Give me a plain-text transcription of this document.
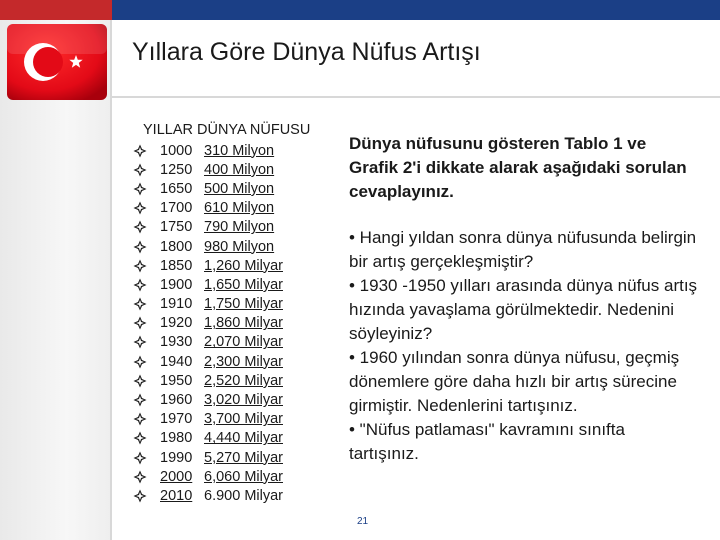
Yıllara Göre Dünya Nüfus Artışı
YILLAR DÜNYA NÜFUSU
1000 310 Milyon
1250 400 Milyon
1650 500 Milyon
1700 610 Milyon
1750 790 Milyon
1800 980 Milyon
1850 1,260 Milyar
1900 1,650 Milyar
1910 1,750 Milyar
1920 1,860 Milyar
1930 2,070 Milyar
1940 2,300 Milyar
1950 2,520 Milyar
1960 3,020 Milyar
1970 3,700 Milyar
1980 4,440 Milyar
1990 5,270 Milyar
2000 6,060 Milyar
2010 6.900 Milyar

Dünya nüfusunu gösteren Tablo 1 ve Grafik 2'i dikkate alarak aşağıdaki sorulan cevaplayınız.

• Hangi yıldan sonra dünya nüfusunda belirgin bir artış gerçekleşmiştir?

• 1930 -1950 yılları arasında dünya nüfus artış hızında yavaşlama görülmektedir. Nedenini söyleyiniz?

• 1960 yılından sonra dünya nüfusu, geçmiş dönemlere göre daha hızlı bir artış sürecine girmiştir. Nedenlerini tartışınız.

• "Nüfus patlaması" kavramını sınıfta tartışınız.

21
